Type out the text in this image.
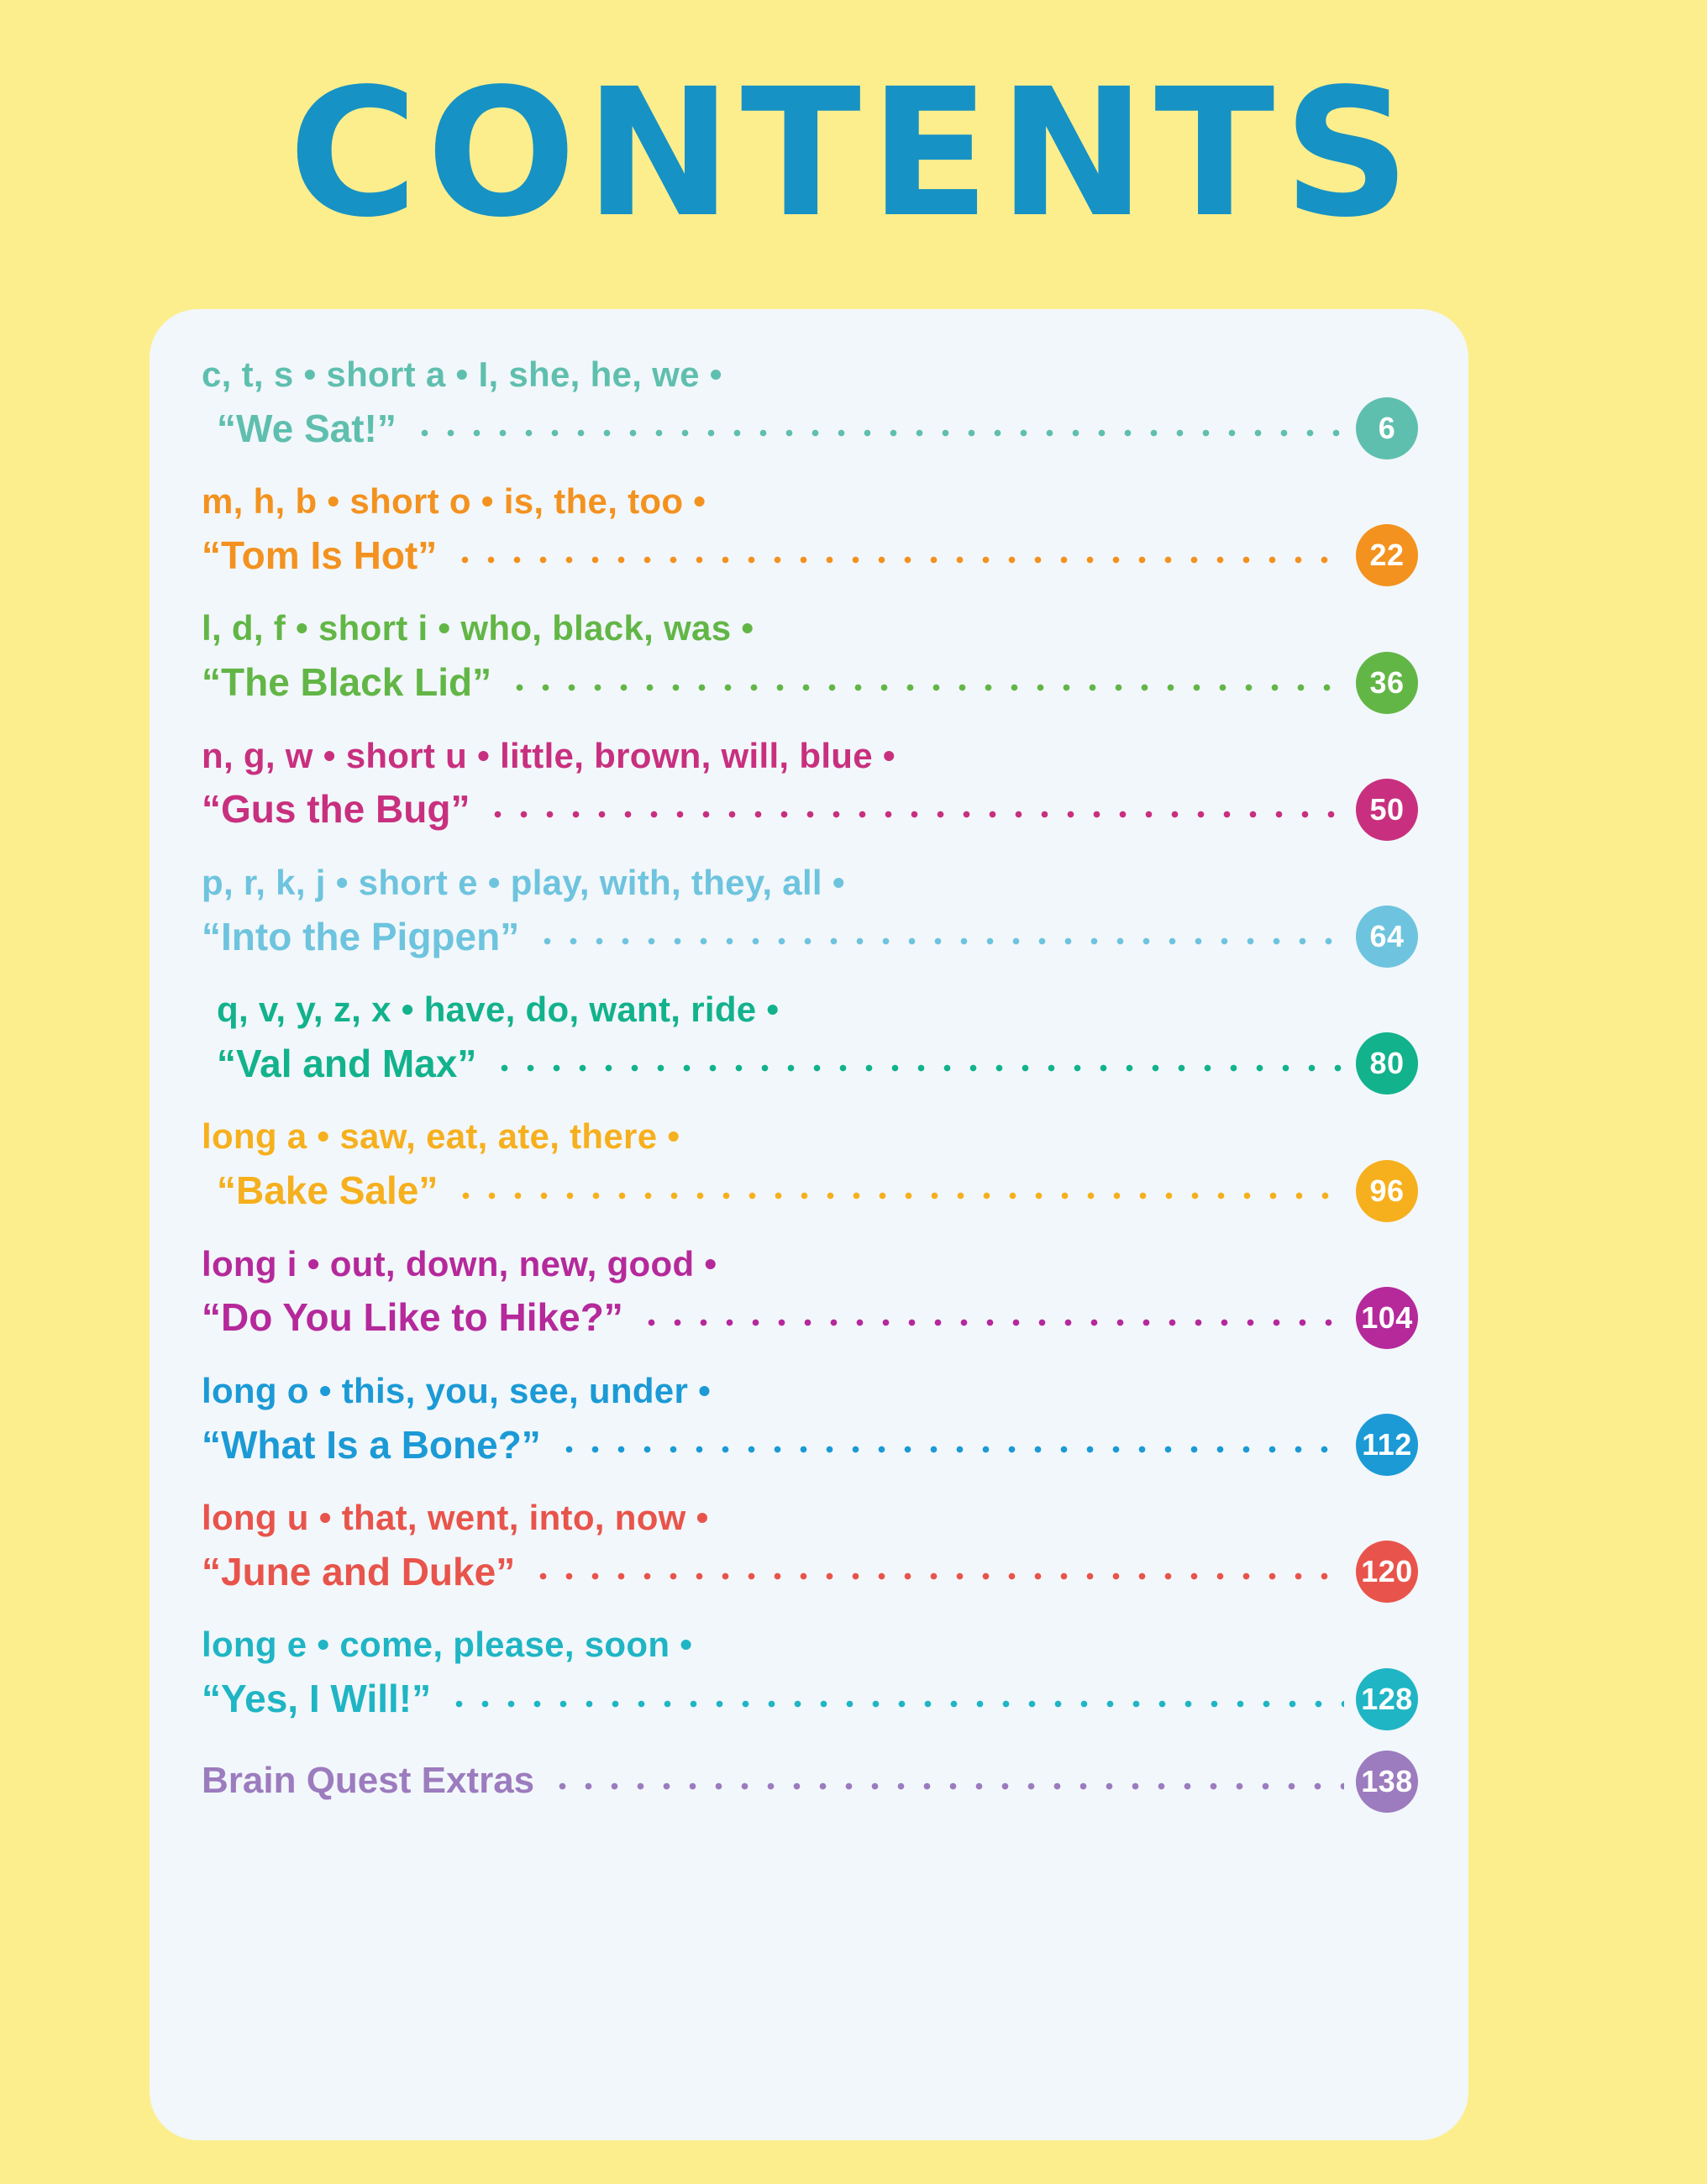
CONTENTS
c, t, s • short a • I, she, he, we •
“We Sat!”	6
m, h, b • short o • is, the, too •
“Tom Is Hot”	22
l, d, f • short i • who, black, was •
“The Black Lid”	36
n, g, w • short u • little, brown, will, blue •
“Gus the Bug”	50
p, r, k, j • short e • play, with, they, all •
“Into the Pigpen”	64
q, v, y, z, x • have, do, want, ride •
“Val and Max”	80
long a • saw, eat, ate, there •
“Bake Sale”	96
long i • out, down, new, good •
“Do You Like to Hike?”	104
long o • this, you, see, under •
“What Is a Bone?”	112
long u • that, went, into, now •
“June and Duke”	120
long e • come, please, soon •
“Yes, I Will!”	128
Brain Quest Extras	138
